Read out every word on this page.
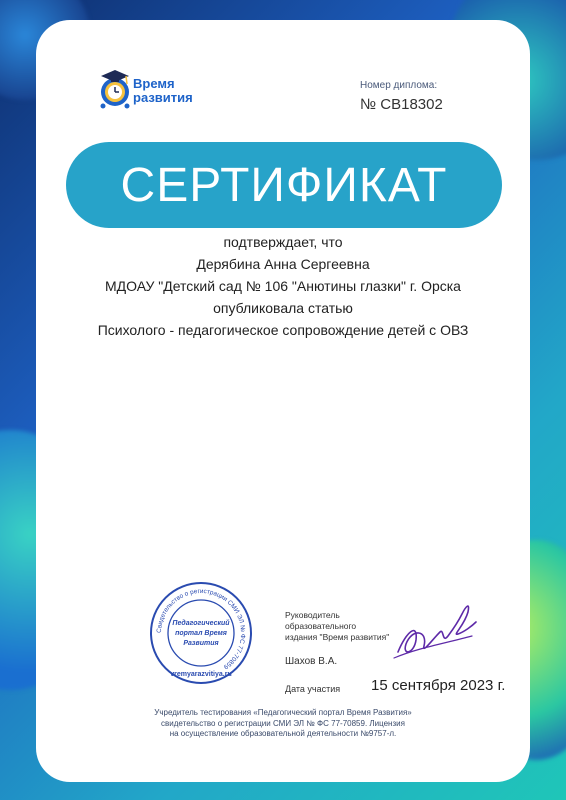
Время
развития
Номер диплома:
№ СВ18302
СЕРТИФИКАТ
подтверждает, что
Дерябина Анна Сергеевна
МДОАУ "Детский сад № 106 "Анютины глазки" г. Орска
опубликовала статью
Психолого - педагогическое сопровождение детей с ОВЗ
Свидетельство о регистрации СМИ ЭЛ № ФС 77-70859
Педагогический
портал Время
Развития
vremyarazvitiya.ru
Руководитель
образовательного
издания "Время развития"
Шахов В.А.
Дата участия 15 сентября 2023 г.
Учредитель тестирования «Педагогический портал Время Развития»
свидетельство о регистрации СМИ ЭЛ № ФС 77-70859. Лицензия
на осуществление образовательной деятельности №9757-л.
